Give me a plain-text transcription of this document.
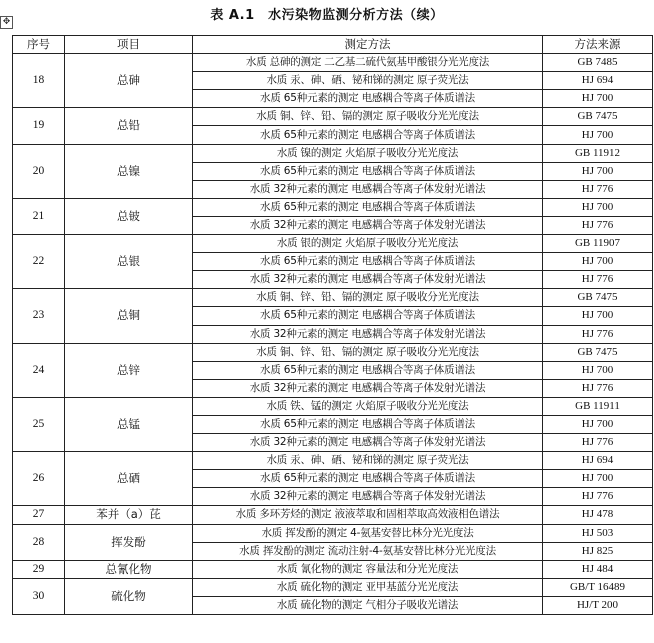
✥	表 A.1　水污染物监测分析方法（续）
序号	项目	测定方法	方法来源
18	总砷	水质 总砷的测定 二乙基二硫代氨基甲酸银分光光度法	GB 7485
		水质 汞、砷、硒、铋和锑的测定 原子荧光法	HJ 694
		水质 65种元素的测定 电感耦合等离子体质谱法	HJ 700
19	总铅	水质 铜、锌、铅、镉的测定 原子吸收分光光度法	GB 7475
		水质 65种元素的测定 电感耦合等离子体质谱法	HJ 700
20	总镍	水质 镍的测定 火焰原子吸收分光光度法	GB 11912
		水质 65种元素的测定 电感耦合等离子体质谱法	HJ 700
		水质 32种元素的测定 电感耦合等离子体发射光谱法	HJ 776
21	总铍	水质 65种元素的测定 电感耦合等离子体质谱法	HJ 700
		水质 32种元素的测定 电感耦合等离子体发射光谱法	HJ 776
22	总银	水质 银的测定 火焰原子吸收分光光度法	GB 11907
		水质 65种元素的测定 电感耦合等离子体质谱法	HJ 700
		水质 32种元素的测定 电感耦合等离子体发射光谱法	HJ 776
23	总铜	水质 铜、锌、铅、镉的测定 原子吸收分光光度法	GB 7475
		水质 65种元素的测定 电感耦合等离子体质谱法	HJ 700
		水质 32种元素的测定 电感耦合等离子体发射光谱法	HJ 776
24	总锌	水质 铜、锌、铅、镉的测定 原子吸收分光光度法	GB 7475
		水质 65种元素的测定 电感耦合等离子体质谱法	HJ 700
		水质 32种元素的测定 电感耦合等离子体发射光谱法	HJ 776
25	总锰	水质 铁、锰的测定 火焰原子吸收分光光度法	GB 11911
		水质 65种元素的测定 电感耦合等离子体质谱法	HJ 700
		水质 32种元素的测定 电感耦合等离子体发射光谱法	HJ 776
26	总硒	水质 汞、砷、硒、铋和锑的测定 原子荧光法	HJ 694
		水质 65种元素的测定 电感耦合等离子体质谱法	HJ 700
		水质 32种元素的测定 电感耦合等离子体发射光谱法	HJ 776
27	苯并（a）芘	水质 多环芳烃的测定 液液萃取和固相萃取高效液相色谱法	HJ 478
28	挥发酚	水质 挥发酚的测定 4-氨基安替比林分光光度法	HJ 503
		水质 挥发酚的测定 流动注射-4-氨基安替比林分光光度法	HJ 825
29	总氰化物	水质 氰化物的测定 容量法和分光光度法	HJ 484
30	硫化物	水质 硫化物的测定 亚甲基蓝分光光度法	GB/T 16489
		水质 硫化物的测定 气相分子吸收光谱法	HJ/T 200
